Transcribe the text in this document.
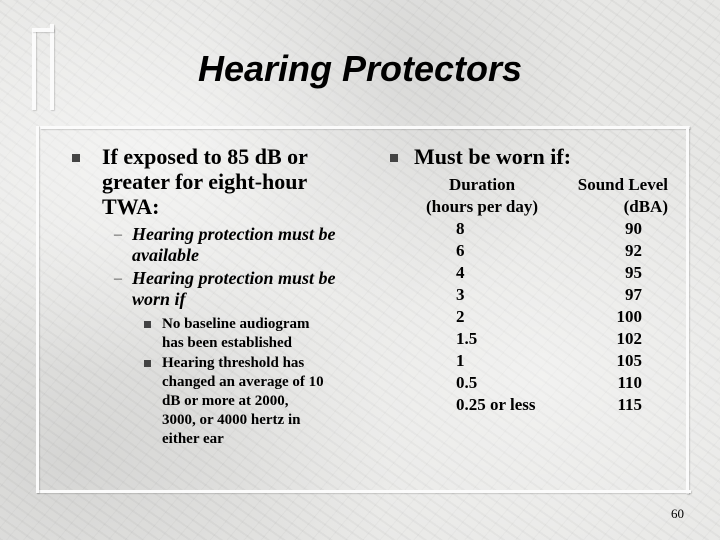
Hearing Protectors
If exposed to 85 dB or
greater for eight-hour
TWA:
– Hearing protection must be
available
– Hearing protection must be
worn if
No baseline audiogram
has been established
Hearing threshold has
changed an average of 10
dB or more at 2000,
3000, or 4000 hertz in
either ear
Must be worn if:
Duration
(hours per day)
Sound Level
(dBA)
8
6
4
3
2
1.5
1
0.5
0.25 or less
90
92
95
97
100
102
105
110
115
60
